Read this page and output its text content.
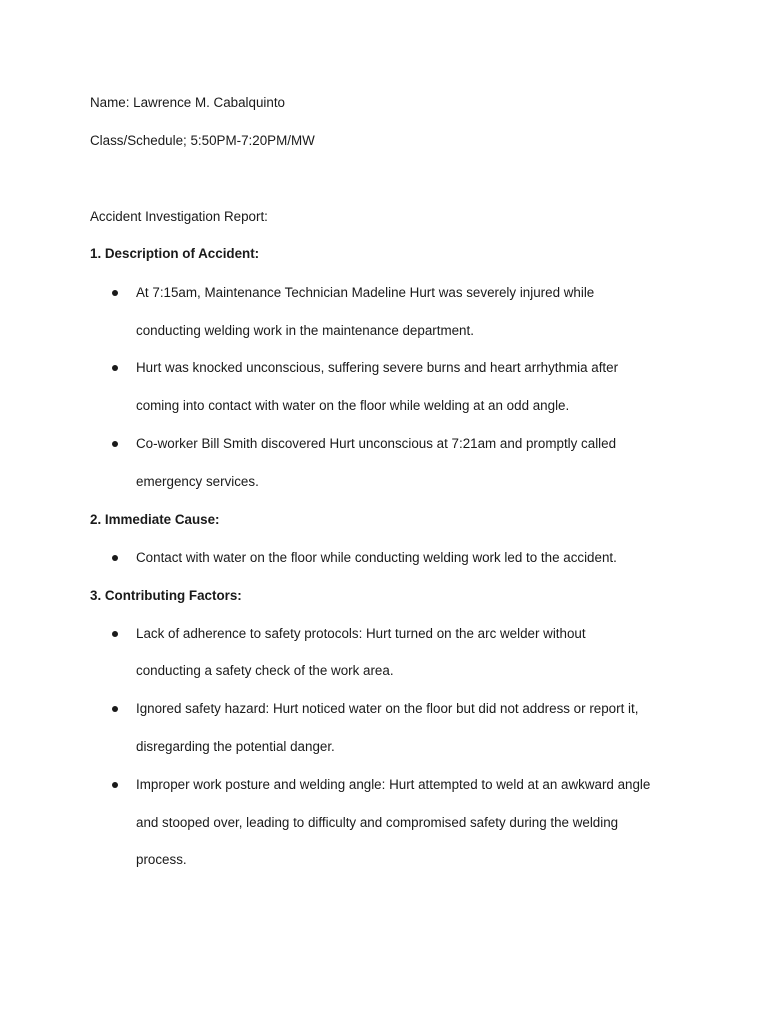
Name: Lawrence M. Cabalquinto
Class/Schedule; 5:50PM-7:20PM/MW
Accident Investigation Report:
1. Description of Accident:
At 7:15am, Maintenance Technician Madeline Hurt was severely injured while
conducting welding work in the maintenance department.
Hurt was knocked unconscious, suffering severe burns and heart arrhythmia after
coming into contact with water on the floor while welding at an odd angle.
Co-worker Bill Smith discovered Hurt unconscious at 7:21am and promptly called
emergency services.
2. Immediate Cause:
Contact with water on the floor while conducting welding work led to the accident.
3. Contributing Factors:
Lack of adherence to safety protocols: Hurt turned on the arc welder without
conducting a safety check of the work area.
Ignored safety hazard: Hurt noticed water on the floor but did not address or report it,
disregarding the potential danger.
Improper work posture and welding angle: Hurt attempted to weld at an awkward angle
and stooped over, leading to difficulty and compromised safety during the welding
process.
